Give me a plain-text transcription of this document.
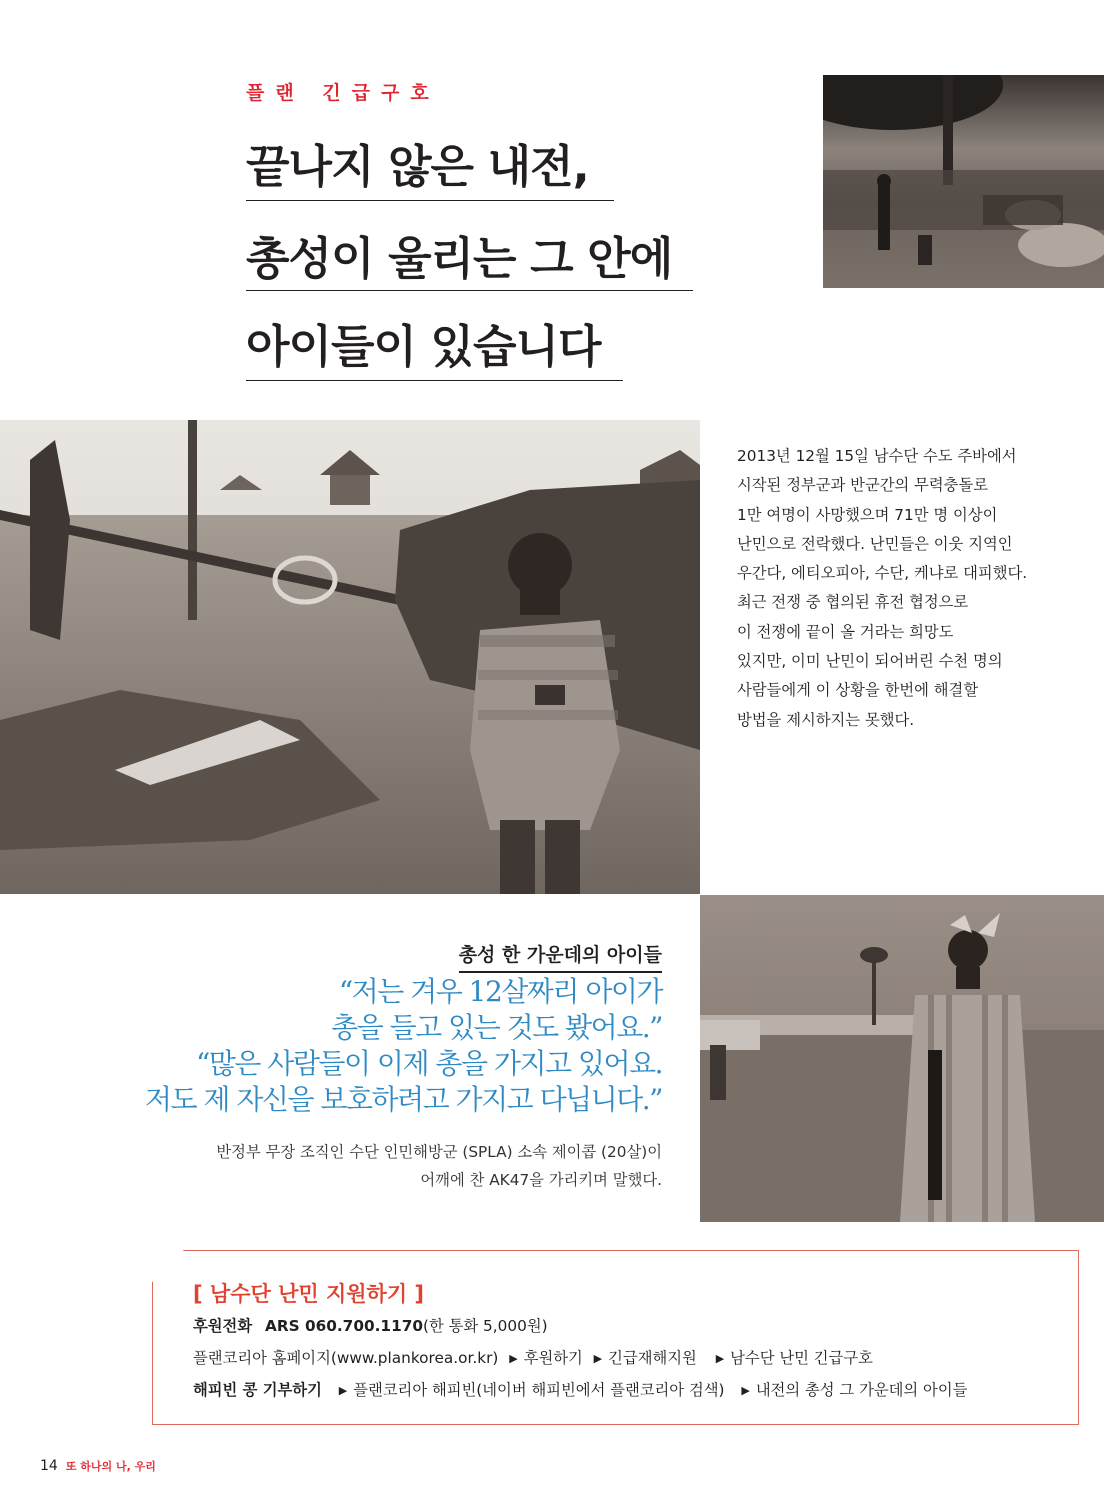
플랜 긴급구호
끝나지 않은 내전,
총성이 울리는 그 안에
아이들이 있습니다
2013년 12월 15일 남수단 수도 주바에서
시작된 정부군과 반군간의 무력충돌로
1만 여명이 사망했으며 71만 명 이상이
난민으로 전락했다. 난민들은 이웃 지역인
우간다, 에티오피아, 수단, 케냐로 대피했다.
최근 전쟁 중 협의된 휴전 협정으로
이 전쟁에 끝이 올 거라는 희망도
있지만, 이미 난민이 되어버린 수천 명의
사람들에게 이 상황을 한번에 해결할
방법을 제시하지는 못했다.
총성 한 가운데의 아이들
“저는 겨우 12살짜리 아이가
총을 들고 있는 것도 봤어요.”
“많은 사람들이 이제 총을 가지고 있어요.
저도 제 자신을 보호하려고 가지고 다닙니다.”
반정부 무장 조직인 수단 인민해방군 (SPLA) 소속 제이콥 (20살)이
어깨에 찬 AK47을 가리키며 말했다.
[ 남수단 난민 지원하기 ]
후원전화 ARS 060.700.1170(한 통화 5,000원)
플랜코리아 홈페이지(www.plankorea.or.kr) ▶ 후원하기 ▶ 긴급재해지원 ▶ 남수단 난민 긴급구호
해피빈 콩 기부하기 ▶ 플랜코리아 해피빈(네이버 해피빈에서 플랜코리아 검색) ▶ 내전의 총성 그 가운데의 아이들
14 또 하나의 나, 우리
